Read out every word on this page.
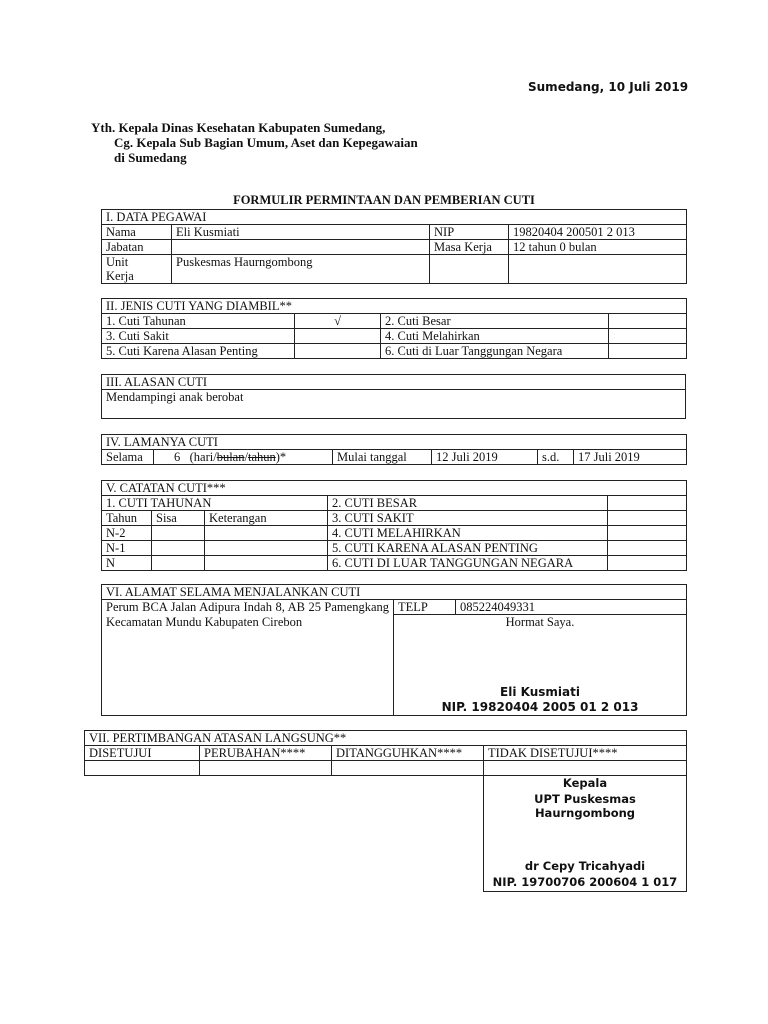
Sumedang, 10 Juli 2019
Yth. Kepala Dinas Kesehatan Kabupaten Sumedang,
Cg. Kepala Sub Bagian Umum, Aset dan Kepegawaian
di Sumedang
FORMULIR PERMINTAAN DAN PEMBERIAN CUTI
I. DATA PEGAWAI			
Nama	Eli Kusmiati	NIP	19820404 200501 2 013
Jabatan		Masa Kerja	12 tahun 0 bulan
Unit
Kerja	Puskesmas Haurngombong		
II. JENIS CUTI YANG DIAMBIL**			
1. Cuti Tahunan	√	2. Cuti Besar	
3. Cuti Sakit		4. Cuti Melahirkan	
5. Cuti Karena Alasan Penting		6. Cuti di Luar Tanggungan Negara	
III. ALASAN CUTI
Mendampingi anak berobat
IV. LAMANYA CUTI
Selama	6 (hari/bulan/tahun)*	Mulai tanggal	12 Juli 2019	s.d.	17 Juli 2019
V. CATATAN CUTI***				
1. CUTI TAHUNAN			2. CUTI BESAR	
Tahun	Sisa	Keterangan	3. CUTI SAKIT	
N-2			4. CUTI MELAHIRKAN	
N-1			5. CUTI KARENA ALASAN PENTING	
N			6. CUTI DI LUAR TANGGUNGAN NEGARA	
VI. ALAMAT SELAMA MENJALANKAN CUTI
Perum BCA Jalan Adipura Indah 8, AB 25 Pamengkang Kecamatan Mundu Kabupaten Cirebon	TELP	085224049331

Hormat Saya.
Eli Kusmiati
NIP. 19820404 2005 01 2 013
VII. PERTIMBANGAN ATASAN LANGSUNG**			
DISETUJUI	PERUBAHAN****	DITANGGUHKAN****	TIDAK DISETUJUI****

Kepala
UPT Puskesmas Haurngombong
dr Cepy Tricahyadi
NIP. 19700706 200604 1 017
